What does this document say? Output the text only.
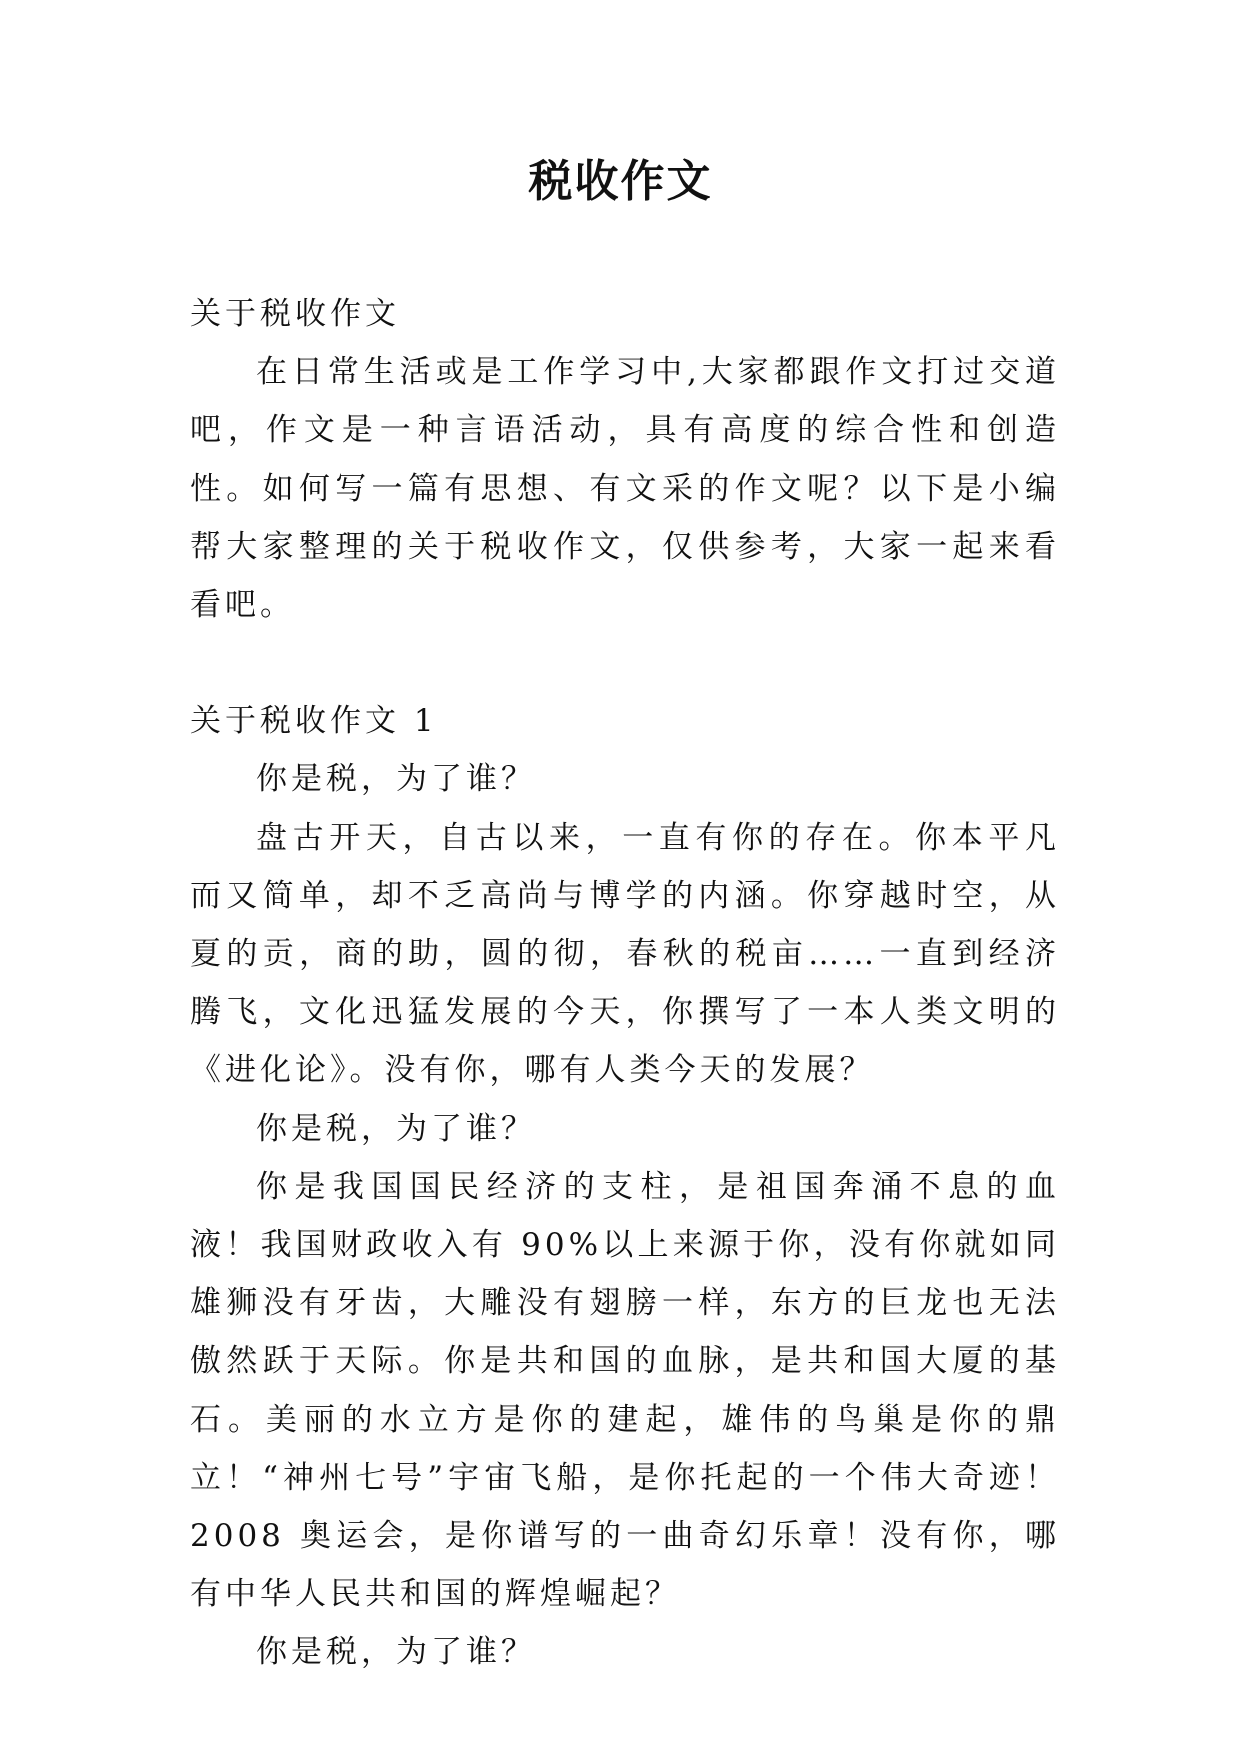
税收作文

关于税收作文

在日常生活或是工作学习中,大家都跟作文打过交道吧，作文是一种言语活动，具有高度的综合性和创造性。如何写一篇有思想、有文采的作文呢？以下是小编帮大家整理的关于税收作文，仅供参考，大家一起来看看吧。

关于税收作文 1

你是税，为了谁？

盘古开天，自古以来，一直有你的存在。你本平凡而又简单，却不乏高尚与博学的内涵。你穿越时空，从夏的贡，商的助，圆的彻，春秋的税亩……一直到经济腾飞，文化迅猛发展的今天，你撰写了一本人类文明的《进化论》。没有你，哪有人类今天的发展？

你是税，为了谁？

你是我国国民经济的支柱，是祖国奔涌不息的血液！我国财政收入有 90%以上来源于你，没有你就如同雄狮没有牙齿，大雕没有翅膀一样，东方的巨龙也无法傲然跃于天际。你是共和国的血脉，是共和国大厦的基石。美丽的水立方是你的建起，雄伟的鸟巢是你的鼎立！“神州七号”宇宙飞船，是你托起的一个伟大奇迹！2008 奥运会，是你谱写的一曲奇幻乐章！没有你，哪有中华人民共和国的辉煌崛起？

你是税，为了谁？
